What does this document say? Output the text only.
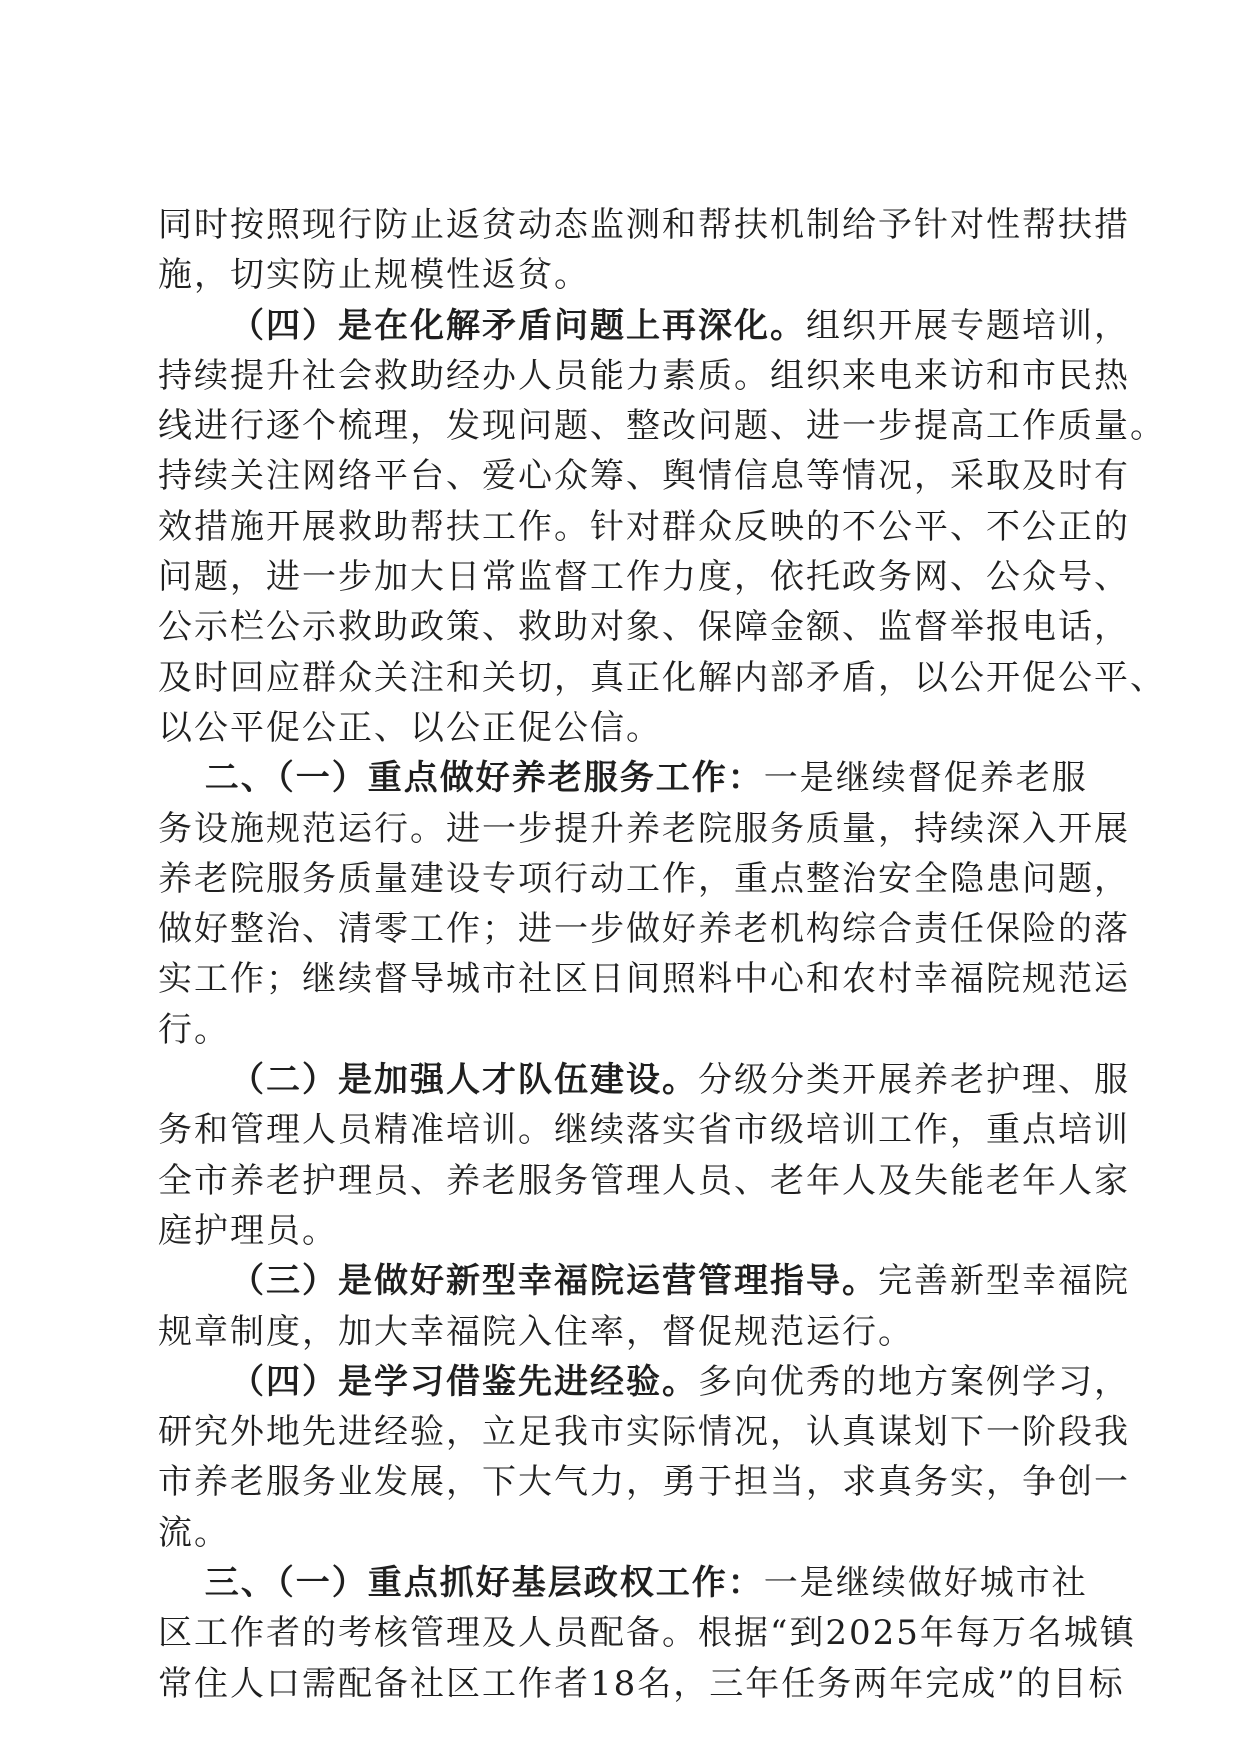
同时按照现行防止返贫动态监测和帮扶机制给予针对性帮扶措
施，切实防止规模性返贫。
（四）是在化解矛盾问题上再深化。组织开展专题培训，
持续提升社会救助经办人员能力素质。组织来电来访和市民热
线进行逐个梳理，发现问题、整改问题、进一步提高工作质量。
持续关注网络平台、爱心众筹、舆情信息等情况，采取及时有
效措施开展救助帮扶工作。针对群众反映的不公平、不公正的
问题，进一步加大日常监督工作力度，依托政务网、公众号、
公示栏公示救助政策、救助对象、保障金额、监督举报电话，
及时回应群众关注和关切，真正化解内部矛盾，以公开促公平、
以公平促公正、以公正促公信。
二、（一）重点做好养老服务工作：一是继续督促养老服
务设施规范运行。进一步提升养老院服务质量，持续深入开展
养老院服务质量建设专项行动工作，重点整治安全隐患问题，
做好整治、清零工作；进一步做好养老机构综合责任保险的落
实工作；继续督导城市社区日间照料中心和农村幸福院规范运
行。
（二）是加强人才队伍建设。分级分类开展养老护理、服
务和管理人员精准培训。继续落实省市级培训工作，重点培训
全市养老护理员、养老服务管理人员、老年人及失能老年人家
庭护理员。
（三）是做好新型幸福院运营管理指导。完善新型幸福院
规章制度，加大幸福院入住率，督促规范运行。
（四）是学习借鉴先进经验。多向优秀的地方案例学习，
研究外地先进经验，立足我市实际情况，认真谋划下一阶段我
市养老服务业发展，下大气力，勇于担当，求真务实，争创一
流。
三、（一）重点抓好基层政权工作：一是继续做好城市社
区工作者的考核管理及人员配备。根据“到2025年每万名城镇
常住人口需配备社区工作者18名，三年任务两年完成”的目标
